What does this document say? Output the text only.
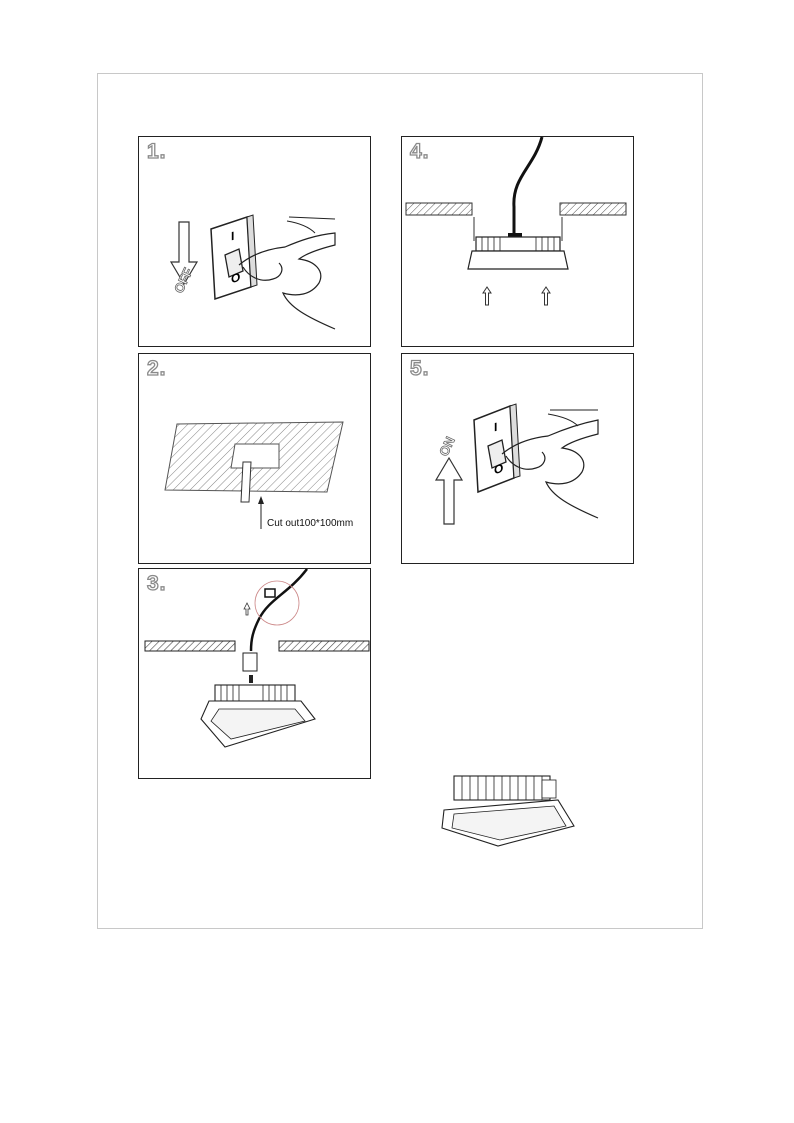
1.
I
O
OFF
4.
2.
Cut out100*100mm
5.
I
O
ON
3.
